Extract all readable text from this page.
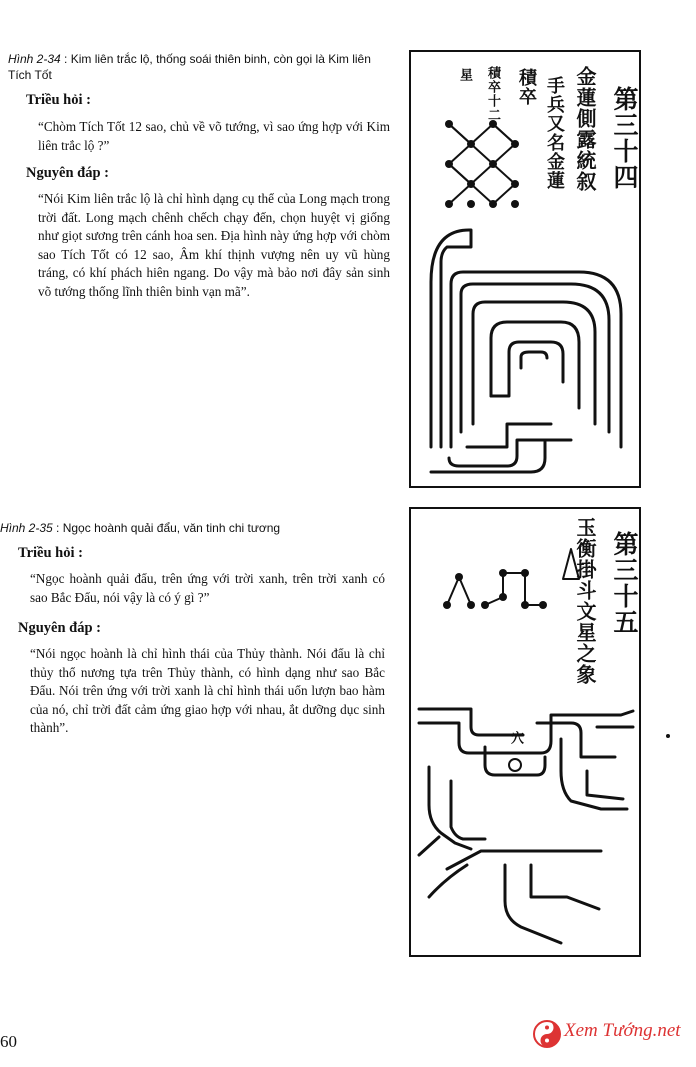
Hình 2-34 : Kim liên trắc lộ, thống soái thiên binh, còn gọi là Kim liên Tích Tốt
Triều hỏi :
“Chòm Tích Tốt 12 sao, chủ về võ tướng, vì sao ứng hợp với Kim liên trắc lộ ?”
Nguyên đáp :
“Nói Kim liên trắc lộ là chỉ hình dạng cụ thể của Long mạch trong trời đất. Long mạch chênh chếch chạy đến, chọn huyệt vị giống như giọt sương trên cánh hoa sen. Địa hình này ứng hợp với chòm sao Tích Tốt có 12 sao, Âm khí thịnh vượng nên uy vũ hùng tráng, có khí phách hiên ngang. Do vậy mà bảo nơi đây sản sinh võ tướng thống lĩnh thiên binh vạn mã”.
第三十四
金蓮側露統叙
手兵又名金蓮
積卒
積卒十二
星
Hình 2-35 : Ngọc hoành quải đẩu, văn tinh chi tương
Triều hỏi :
“Ngọc hoành quải đẩu, trên ứng với trời xanh, trên trời xanh có sao Bắc Đẩu, nói vậy là có ý gì ?”
Nguyên đáp :
“Nói ngọc hoành là chỉ hình thái của Thủy thành. Nói đẩu là chỉ thủy thổ nương tựa trên Thủy thành, có hình dạng như sao Bắc Đẩu. Nói trên ứng với trời xanh là chỉ hình thái uốn lượn bao hàm của nó, chỉ trời đất cảm ứng giao hợp với nhau, ắt dưỡng dục sinh thành”.
第三十五
玉衡掛斗文星之象
穴
60
Xem Tướng.net
